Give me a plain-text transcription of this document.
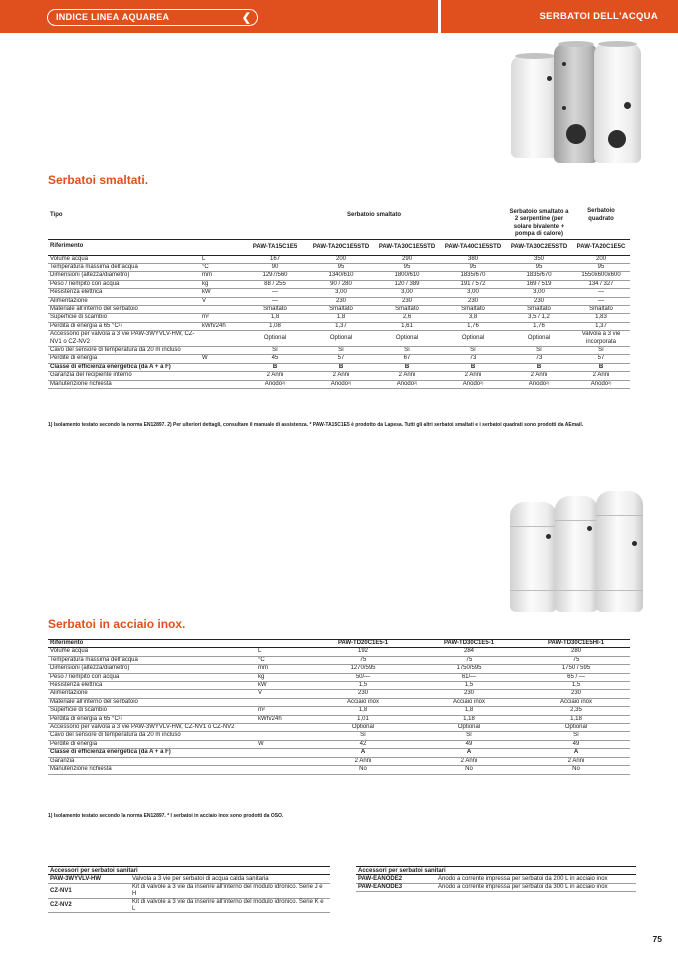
INDICE LINEA AQUAREA	❮	SERBATOI DELL'ACQUA
Serbatoi smaltati.
Tipo		Serbatoio smaltato				Serbatoio smaltato a 2 serpentine (per solare bivalente + pompa di calore)	Serbatoio quadrato
Riferimento		PAW-TA15C1E5	PAW-TA20C1E5STD	PAW-TA30C1E5STD	PAW-TA40C1E5STD	PAW-TA30C2E5STD	PAW-TA20C1E5C
Volume acqua	L	167	200	290	380	350	200
Temperatura massima dell'acqua	°C	90	95	95	95	95	95
Dimensioni (altezza/diametro)	mm	1297/560	1340/610	1800/610	1835/670	1835/670	1550x600x600
Peso / riempito con acqua	kg	88 / 255	90 / 280	120 / 389	191 / 572	169 / 519	134 / 327
Resistenza elettrica	kW	—	3,00	3,00	3,00	3,00	—
Alimentazione	V	—	230	230	230	230	—
Materiale all'interno del serbatoio		Smaltato	Smaltato	Smaltato	Smaltato	Smaltato	Smaltato
Superficie di scambio	m²	1,8	1,8	2,6	3,8	3,5 / 1,2	1,83
Perdita di energia a 65 $^\circ C^{1)}$	kWh/24h	1,08	1,37	1,61	1,76	1,76	1,37
Accessorio per valvola a 3 vie PAW-3WYVLV-HW, CZ-NV1 o CZ-NV2		Optional	Optional	Optional	Optional	Optional	Valvola a 3 vie incorporata
Cavo del sensore di temperatura da 20 m incluso		Sì	Sì	Sì	Sì	Sì	Sì
Perdite di energia	W	45	57	67	73	73	57
Classe di efficienza energetica (da A + a F)		B	B	B	B	B	B
Garanzia del recipiente interno		2 Anni	2 Anni	2 Anni	2 Anni	2 Anni	2 Anni
Manutenzione richiesta		Anodo$^{2)}$	Anodo$^{2)}$	Anodo$^{2)}$	Anodo$^{2)}$	Anodo$^{2)}$	Anodo$^{2)}$
1) Isolamento testato secondo la norma EN12897. 2) Per ulteriori dettagli, consultare il manuale di assistenza. * PAW-TA15C1E5 è prodotto da Lapesa. Tutti gli altri serbatoi smaltati e i serbatoi quadrati sono prodotti da AEmail.
Serbatoi in acciaio inox.
Riferimento		PAW-TD20C1E5-1	PAW-TD30C1E5-1	PAW-TD30C1E5HI-1
Volume acqua	L	192	284	280
Temperatura massima dell'acqua	°C	75	75	75
Dimensioni (altezza/diametro)	mm	1270/595	1750/595	1750 / 595
Peso / riempito con acqua	kg	50/—	61/—	65 / —
Resistenza elettrica	kW	1,5	1,5	1,5
Alimentazione	V	230	230	230
Materiale all'interno del serbatoio		Acciaio inox	Acciaio inox	Acciaio inox
Superficie di scambio	m²	1,8	1,8	2,35
Perdita di energia a 65 $^\circ C^{1)}$	kWh/24h	1,01	1,18	1,18
Accessorio per valvola a 3 vie PAW-3WYVLV-HW, CZ-NV1 o CZ-NV2		Optional	Optional	Optional
Cavo del sensore di temperatura da 20 m incluso		Sì	Sì	Sì
Perdite di energia	W	42	49	49
Classe di efficienza energetica (da A + a F)		A	A	A
Garanzia		2 Anni	2 Anni	2 Anni
Manutenzione richiesta		No	No	No
1) Isolamento testato secondo la norma EN12897. * I serbatoi in acciaio inox sono prodotti da OSO.
Accessori per serbatoi sanitari	
PAW-3WYVLV-HW	Valvola a 3 vie per serbatoi di acqua calda sanitaria
CZ-NV1	Kit di valvole a 3 vie da inserire all'interno del modulo idronico. Serie J e H
CZ-NV2	Kit di valvole a 3 vie da inserire all'interno del modulo idronico. Serie K e L
Accessori per serbatoi sanitari	
PAW-EANODE2	Anodo a corrente impressa per serbatoi da 200 L in acciaio inox
PAW-EANODE3	Anodo a corrente impressa per serbatoi da 300 L in acciaio inox
75
